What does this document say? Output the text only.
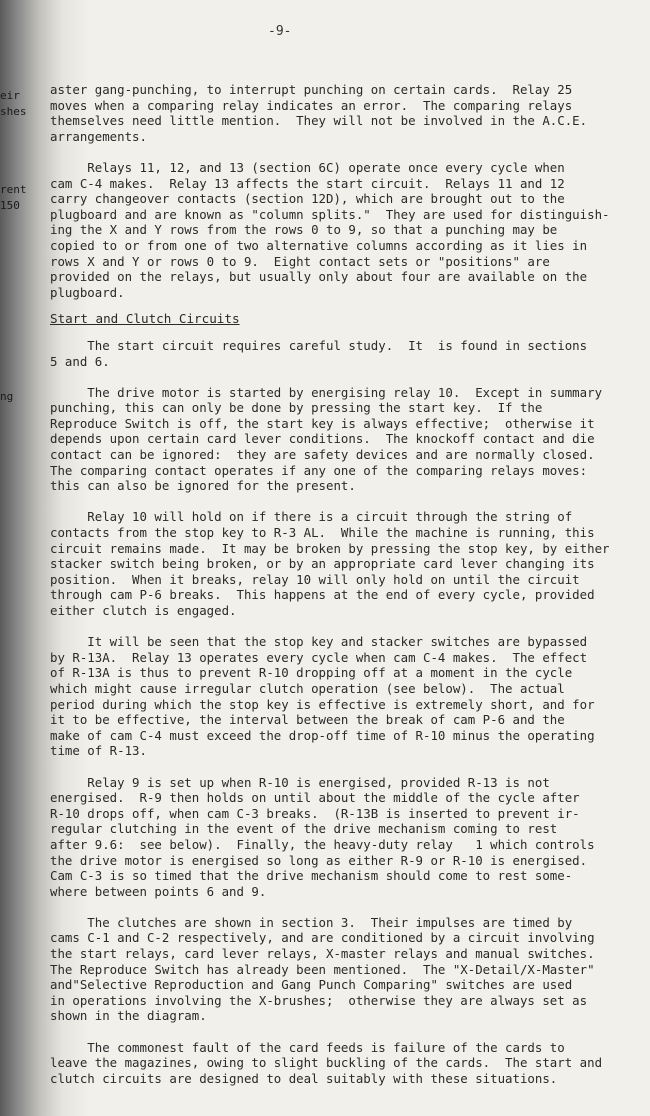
eir
shes
rent
150
ng
-9-
aster gang-punching, to interrupt punching on certain cards.  Relay 25
moves when a comparing relay indicates an error.  The comparing relays
themselves need little mention.  They will not be involved in the A.C.E.
arrangements.
Relays 11, 12, and 13 (section 6C) operate once every cycle when
cam C-4 makes.  Relay 13 affects the start circuit.  Relays 11 and 12
carry changeover contacts (section 12D), which are brought out to the
plugboard and are known as "column splits."  They are used for distinguish-
ing the X and Y rows from the rows 0 to 9, so that a punching may be
copied to or from one of two alternative columns according as it lies in
rows X and Y or rows 0 to 9.  Eight contact sets or "positions" are
provided on the relays, but usually only about four are available on the
plugboard.
Start and Clutch Circuits
The start circuit requires careful study.  It  is found in sections
5 and 6.
The drive motor is started by energising relay 10.  Except in summary
punching, this can only be done by pressing the start key.  If the
Reproduce Switch is off, the start key is always effective;  otherwise it
depends upon certain card lever conditions.  The knockoff contact and die
contact can be ignored:  they are safety devices and are normally closed.
The comparing contact operates if any one of the comparing relays moves:
this can also be ignored for the present.
Relay 10 will hold on if there is a circuit through the string of
contacts from the stop key to R-3 AL.  While the machine is running, this
circuit remains made.  It may be broken by pressing the stop key, by either
stacker switch being broken, or by an appropriate card lever changing its
position.  When it breaks, relay 10 will only hold on until the circuit
through cam P-6 breaks.  This happens at the end of every cycle, provided
either clutch is engaged.
It will be seen that the stop key and stacker switches are bypassed
by R-13A.  Relay 13 operates every cycle when cam C-4 makes.  The effect
of R-13A is thus to prevent R-10 dropping off at a moment in the cycle
which might cause irregular clutch operation (see below).  The actual
period during which the stop key is effective is extremely short, and for
it to be effective, the interval between the break of cam P-6 and the
make of cam C-4 must exceed the drop-off time of R-10 minus the operating
time of R-13.
Relay 9 is set up when R-10 is energised, provided R-13 is not
energised.  R-9 then holds on until about the middle of the cycle after
R-10 drops off, when cam C-3 breaks.  (R-13B is inserted to prevent ir-
regular clutching in the event of the drive mechanism coming to rest
after 9.6:  see below).  Finally, the heavy-duty relay   1 which controls
the drive motor is energised so long as either R-9 or R-10 is energised.
Cam C-3 is so timed that the drive mechanism should come to rest some-
where between points 6 and 9.
The clutches are shown in section 3.  Their impulses are timed by
cams C-1 and C-2 respectively, and are conditioned by a circuit involving
the start relays, card lever relays, X-master relays and manual switches.
The Reproduce Switch has already been mentioned.  The "X-Detail/X-Master"
and"Selective Reproduction and Gang Punch Comparing" switches are used
in operations involving the X-brushes;  otherwise they are always set as
shown in the diagram.
The commonest fault of the card feeds is failure of the cards to
leave the magazines, owing to slight buckling of the cards.  The start and
clutch circuits are designed to deal suitably with these situations.
